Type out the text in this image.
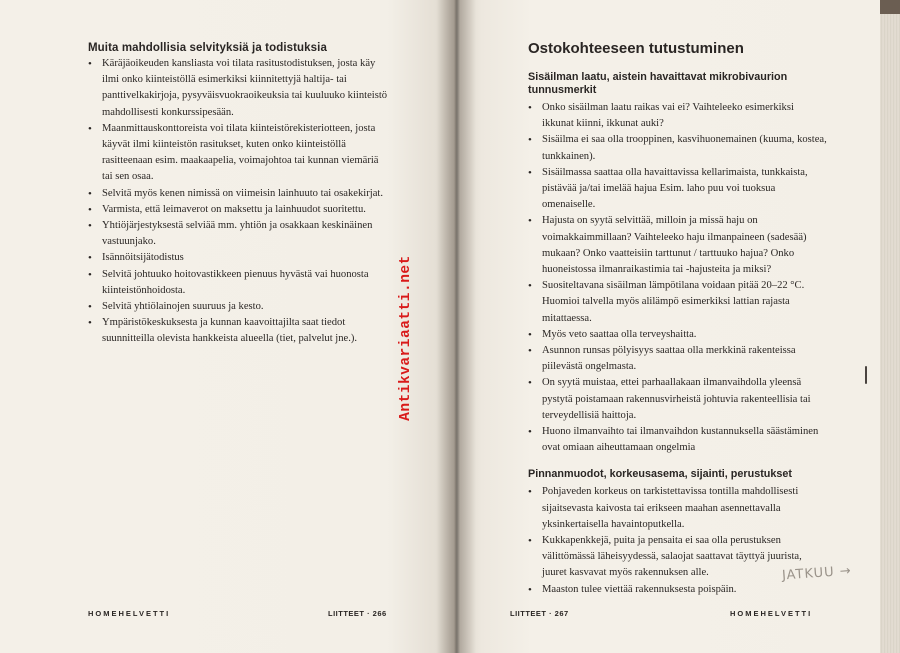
Muita mahdollisia selvityksiä ja todistuksia
• Käräjäoikeuden kansliasta voi tilata rasitustodistuksen, josta käy ilmi onko kiinteistöllä esimerkiksi kiinnitettyjä haltija- tai panttivelkakirjoja, pysyväisvuokraoikeuksia tai kuuluuko kiinteistö mahdollisesti konkurssipesään.
• Maanmittauskonttoreista voi tilata kiinteistörekisteriotteen, josta käyvät ilmi kiinteistön rasitukset, kuten onko kiinteistöllä rasitteenaan esim. maakaapelia, voimajohtoa tai kunnan viemäriä tai sen osaa.
• Selvitä myös kenen nimissä on viimeisin lainhuuto tai osakekirjat.
• Varmista, että leimaverot on maksettu ja lainhuudot suoritettu.
• Yhtiöjärjestyksestä selviää mm. yhtiön ja osakkaan keskinäinen vastuunjako.
• Isännöitsijätodistus
• Selvitä johtuuko hoitovastikkeen pienuus hyvästä vai huonosta kiinteistönhoidosta.
• Selvitä yhtiölainojen suuruus ja kesto.
• Ympäristökeskuksesta ja kunnan kaavoittajilta saat tiedot suunnitteilla olevista hankkeista alueella (tiet, palvelut jne.).
Ostokohteeseen tutustuminen
Sisäilman laatu, aistein havaittavat mikrobivaurion tunnusmerkit
• Onko sisäilman laatu raikas vai ei? Vaihteleeko esimerkiksi ikkunat kiinni, ikkunat auki?
• Sisäilma ei saa olla trooppinen, kasvihuonemainen (kuuma, kostea, tunkkainen).
• Sisäilmassa saattaa olla havaittavissa kellarimaista, tunkkaista, pistävää ja/tai imelää hajua Esim. laho puu voi tuoksua omenaiselle.
• Hajusta on syytä selvittää, milloin ja missä haju on voimakkaimmillaan? Vaihteleeko haju ilmanpaineen (sadesää) mukaan? Onko vaatteisiin tarttunut / tarttuuko hajua? Onko huoneistossa ilmanraikastimia tai -hajusteita ja miksi?
• Suositeltavana sisäilman lämpötilana voidaan pitää 20–22 °C. Huomioi talvella myös alilämpö esimerkiksi lattian rajasta mitattaessa.
• Myös veto saattaa olla terveyshaitta.
• Asunnon runsas pölyisyys saattaa olla merkkinä rakenteissa piilevästä ongelmasta.
• On syytä muistaa, ettei parhaallakaan ilmanvaihdolla yleensä pystytä poistamaan rakennusvirheistä johtuvia rakenteellisia tai terveydellisiä haittoja.
• Huono ilmanvaihto tai ilmanvaihdon kustannuksella säästäminen ovat omiaan aiheuttamaan ongelmia
Pinnanmuodot, korkeusasema, sijainti, perustukset
• Pohjaveden korkeus on tarkistettavissa tontilla mahdollisesti sijaitsevasta kaivosta tai erikseen maahan asennettavalla yksinkertaisella havaintoputkella.
• Kukkapenkkejä, puita ja pensaita ei saa olla perustuksen välittömässä läheisyydessä, salaojat saattavat täyttyä juurista, juuret kasvavat myös rakennuksen alle.
• Maaston tulee viettää rakennuksesta poispäin.
HOMEHELVETTI	LIITTEET · 266	LIITTEET · 267	HOMEHELVETTI
Antikvariaatti.net
JATKUU →
